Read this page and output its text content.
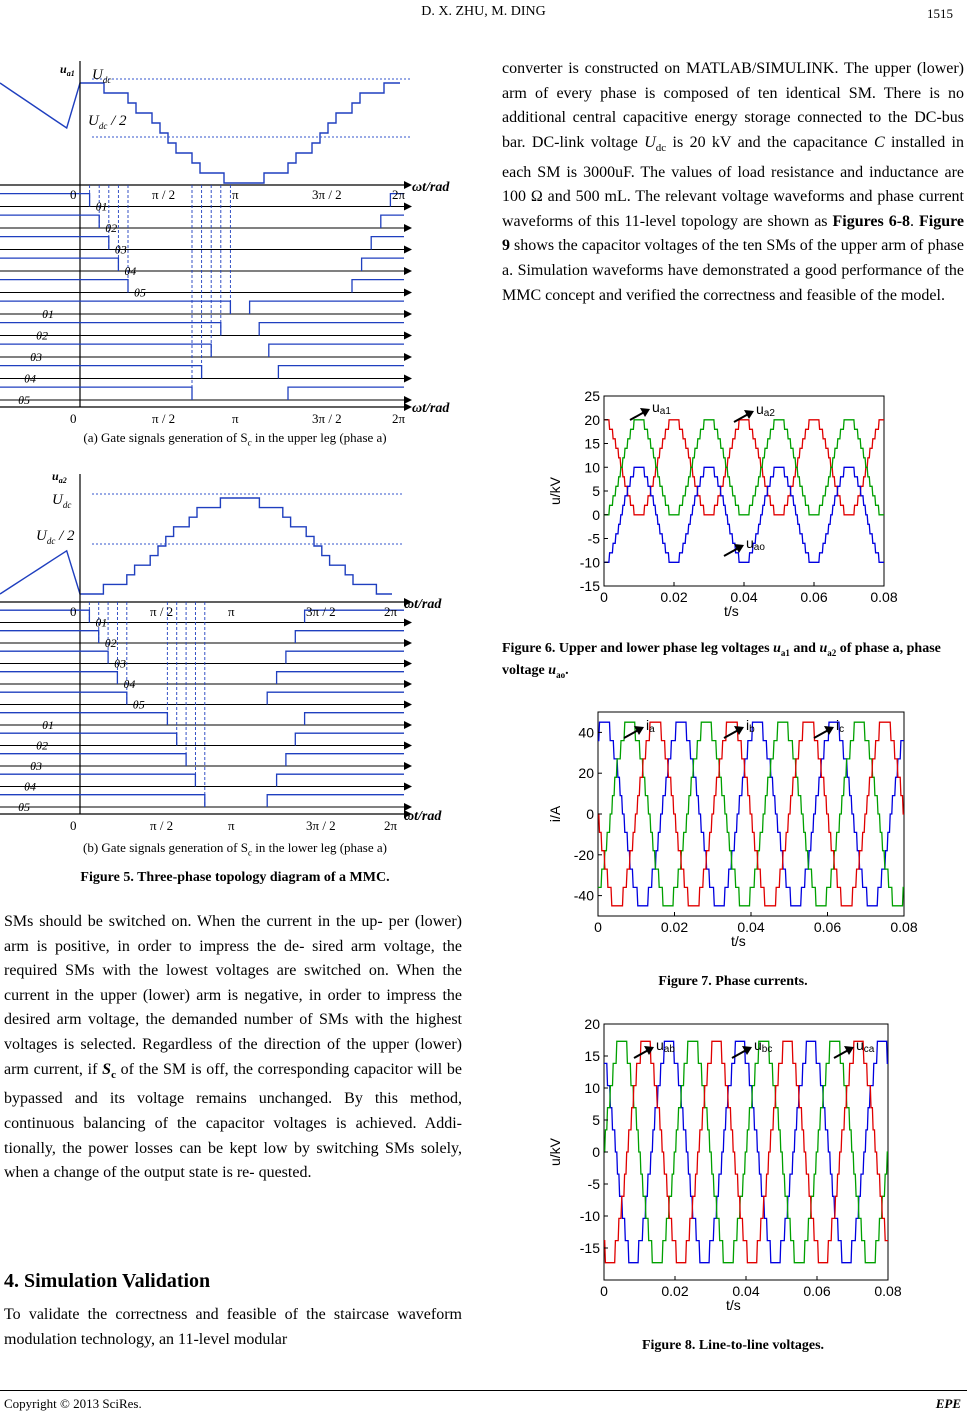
D. X. ZHU, M. DING	1515
$u_{a1}$ $U_{dc}$
$U_{dc} / 2$
ωt/rad
ωt/rad
0	π / 2	π	3π / 2	2π
0	π / 2	π	3π / 2	2π
θ1
θ2
θ3
θ4
θ5
−θ1
−θ2
−θ3
−θ4
−θ5
(a) Gate signals generation of $S_c$ in the upper leg (phase a)
$u_{a2}$
$U_{dc}$
$U_{dc} / 2$
ωt/rad
ωt/rad
0	π / 2	π	3π / 2	2π
0	π / 2	π	3π / 2	2π
θ1
θ2
θ3
θ4
θ5
−θ1
−θ2
−θ3
−θ4
−θ5
(b) Gate signals generation of $S_c$ in the lower leg (phase a)
Figure 5. Three-phase topology diagram of a MMC.
SMs should be switched on. When the current in the up- per (lower) arm is positive, in order to impress the de- sired arm voltage, the required SMs with the lowest voltages are switched on. When the current in the upper (lower) arm is negative, in order to impress the desired arm voltage, the demanded number of SMs with the highest voltages is selected. Regardless of the direction of the upper (lower) arm current, if $S_c$ of the SM is off, the corresponding capacitor will be bypassed and its voltage remains unchanged. By this method, continuous balancing of the capacitor voltages is achieved. Addi- tionally, the power losses can be kept low by switching SMs solely, when a change of the output state is re- quested.
4. Simulation Validation
To validate the correctness and feasible of the staircase waveform modulation technology, an 11-level modular
converter is constructed on MATLAB/SIMULINK. The upper (lower) arm of every phase is composed of ten identical SM. There is no additional central capacitive energy storage connected to the DC-bus bar. DC-link voltage $U_{dc}$ is 20 kV and the capacitance C installed in each SM is 3000uF. The values of load resistance and inductance are 100 Ω and 500 mL. The relevant voltage waveforms and phase current waveforms of this 11-level topology are shown as Figures 6-8. Figure 9 shows the capacitor voltages of the ten SMs of the upper arm of phase a. Simulation waveforms have demonstrated a good performance of the MMC concept and verified the correctness and feasible of the model.
25
20
15
10
5
0
-5
-10
-15
0	0.02	0.04	0.06	0.08
t/s
u/kV
ua1	ua2
uao
Figure 6. Upper and lower phase leg voltages $u_{a1}$ and $u_{a2}$ of phase a, phase voltage $u_{ao}$.
40
20
0
-20
-40
0	0.02	0.04	0.06	0.08
t/s
i/A
ia	ib	ic
Figure 7. Phase currents.
20
15
10
5
0
-5
-10
-15
0	0.02	0.04	0.06	0.08
t/s
u/kV
uab	ubc	uca
Figure 8. Line-to-line voltages.
Copyright © 2013 SciRes.	EPE
